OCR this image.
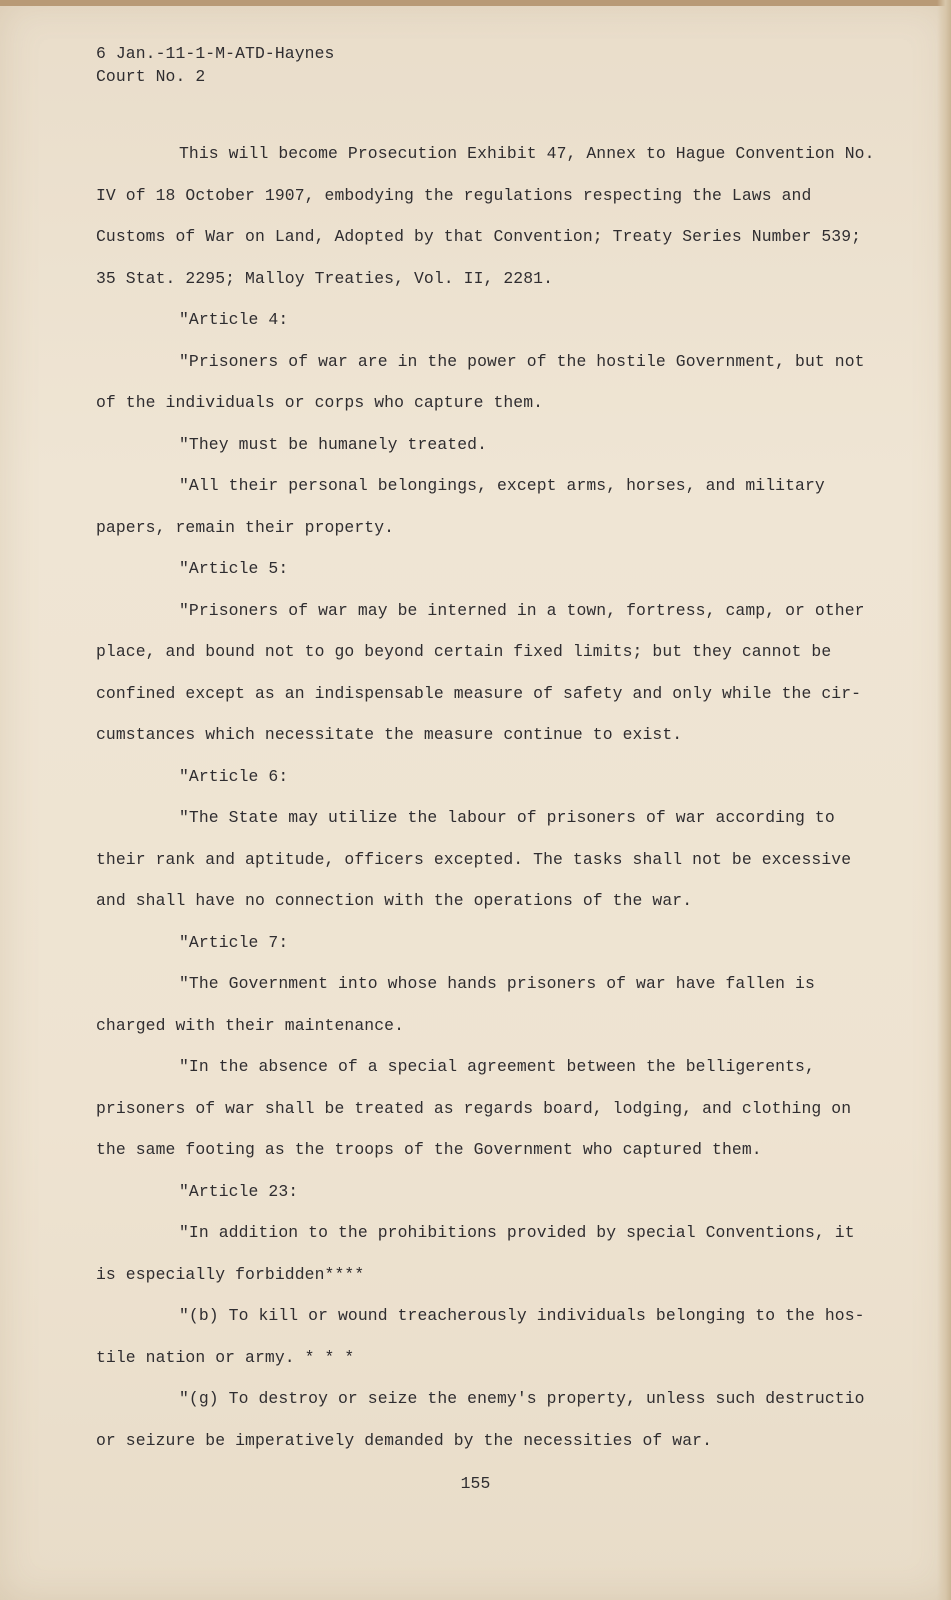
6 Jan.-11-1-M-ATD-Haynes
Court No. 2
This will become Prosecution Exhibit 47, Annex to Hague Convention No.
IV of 18 October 1907, embodying the regulations respecting the Laws and
Customs of War on Land, Adopted by that Convention; Treaty Series Number 539;
35 Stat. 2295; Malloy Treaties, Vol. II, 2281.
"Article 4:
"Prisoners of war are in the power of the hostile Government, but not
of the individuals or corps who capture them.
"They must be humanely treated.
"All their personal belongings, except arms, horses, and military
papers, remain their property.
"Article 5:
"Prisoners of war may be interned in a town, fortress, camp, or other
place, and bound not to go beyond certain fixed limits; but they cannot be
confined except as an indispensable measure of safety and only while the cir-
cumstances which necessitate the measure continue to exist.
"Article 6:
"The State may utilize the labour of prisoners of war according to
their rank and aptitude, officers excepted. The tasks shall not be excessive
and shall have no connection with the operations of the war.
"Article 7:
"The Government into whose hands prisoners of war have fallen is
charged with their maintenance.
"In the absence of a special agreement between the belligerents,
prisoners of war shall be treated as regards board, lodging, and clothing on
the same footing as the troops of the Government who captured them.
"Article 23:
"In addition to the prohibitions provided by special Conventions, it
is especially forbidden****
"(b) To kill or wound treacherously individuals belonging to the hos-
tile nation or army. * * *
"(g) To destroy or seize the enemy's property, unless such destructio
or seizure be imperatively demanded by the necessities of war.
155
